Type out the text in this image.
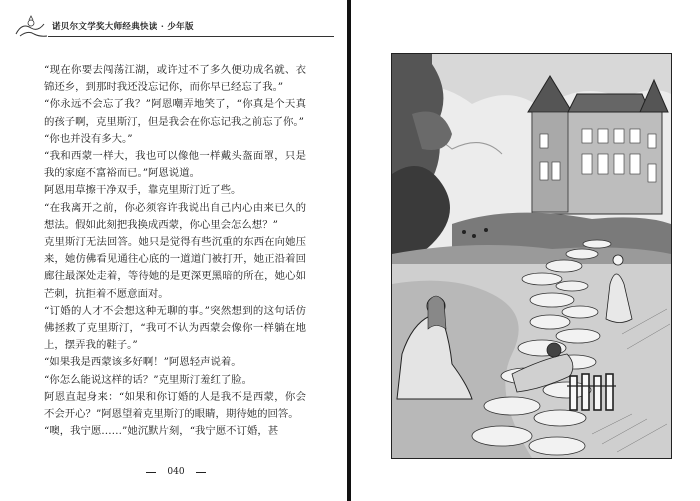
诺贝尔文学奖大师经典快读 · 少年版

“现在你要去闯荡江湖，或许过不了多久便功成名就、衣锦还乡，到那时我还没忘记你，而你早已经忘了我。”

“你永远不会忘了我？”阿恩嘲弄地笑了，“你真是个天真的孩子啊，克里斯汀，但是我会在你忘记我之前忘了你。”

“你也并没有多大。”

“我和西蒙一样大，我也可以像他一样戴头盔面罩，只是我的家庭不富裕而已。”阿恩说道。

阿恩用草擦干净双手，靠克里斯汀近了些。

“在我离开之前，你必须容许我说出自己内心由来已久的想法。假如此刻把我换成西蒙，你心里会怎么想？”

克里斯汀无法回答。她只是觉得有些沉重的东西在向她压来，她仿佛看见通往心底的一道道门被打开，她正沿着回廊往最深处走着，等待她的是更深更黑暗的所在，她心如芒刺，抗拒着不愿意面对。

“订婚的人才不会想这种无聊的事。”突然想到的这句话仿佛拯救了克里斯汀，“我可不认为西蒙会像你一样躺在地上，摆弄我的鞋子。”

“如果我是西蒙该多好啊！”阿恩轻声说着。

“你怎么能说这样的话？”克里斯汀羞红了脸。

阿恩直起身来：“如果和你订婚的人是我不是西蒙，你会不会开心？”阿恩望着克里斯汀的眼睛，期待她的回答。

“噢，我宁愿……”她沉默片刻，“我宁愿不订婚，甚

040
